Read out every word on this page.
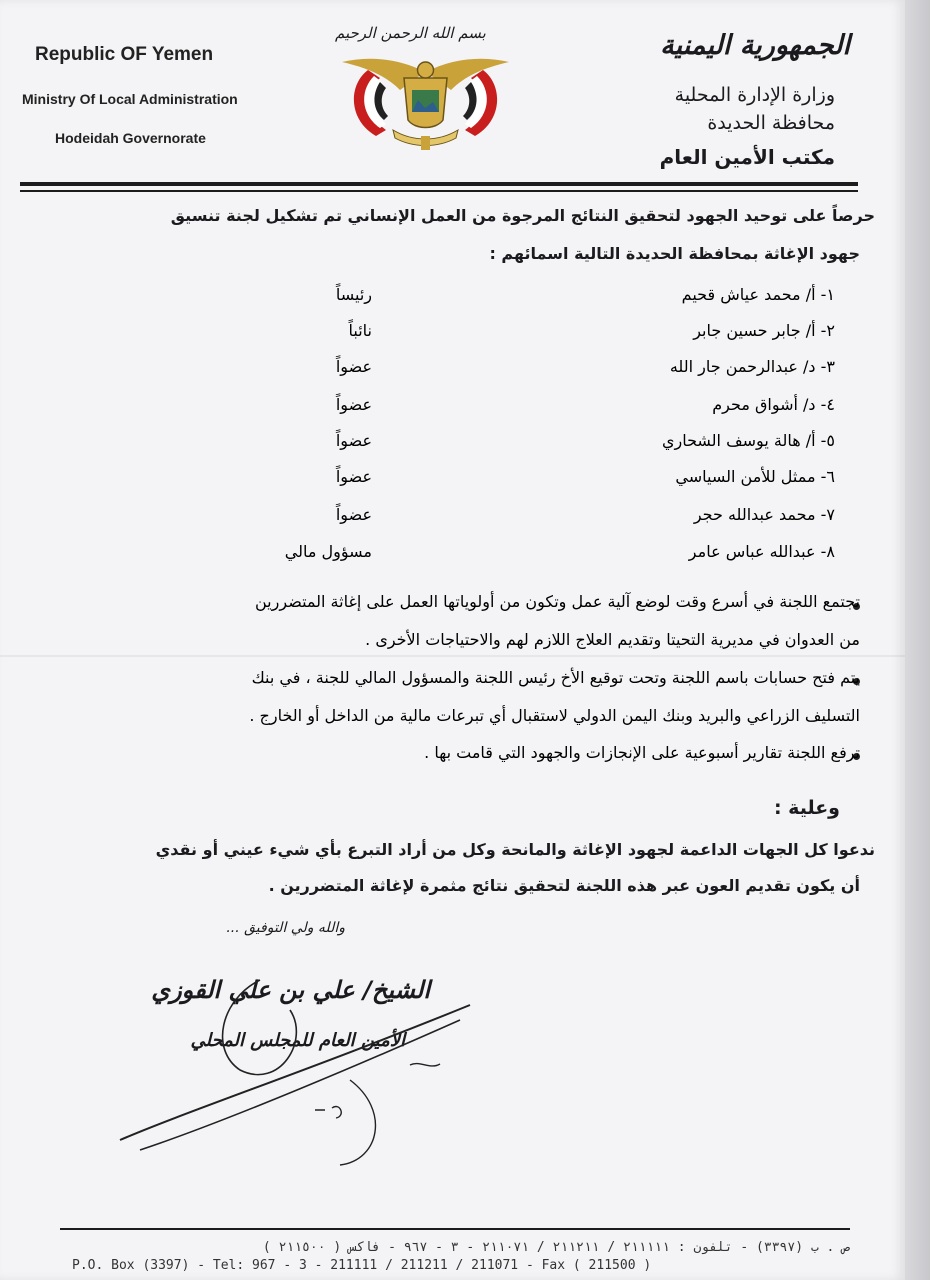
Republic OF Yemen
Ministry Of Local Administration
Hodeidah Governorate
بسم الله الرحمن الرحيم	الجمهورية اليمنية
وزارة الإدارة المحلية
محافظة الحديدة
مكتب الأمين العام
حرصاً على توحيد الجهود لتحقيق النتائج المرجوة من العمل الإنساني تم تشكيل لجنة تنسيق
جهود الإغاثة بمحافظة الحديدة التالية اسمائهم :
١- أ/ محمد عياش قحيم
رئيساً
٢- أ/ جابر حسين جابر
نائباً
٣- د/ عبدالرحمن جار الله
عضواً
٤- د/ أشواق محرم
عضواً
٥- أ/ هالة يوسف الشحاري
عضواً
٦- ممثل للأمن السياسي
عضواً
٧- محمد عبدالله حجر
عضواً
٨- عبدالله عباس عامر
مسؤول مالي
تجتمع اللجنة في أسرع وقت لوضع آلية عمل وتكون من أولوياتها العمل على إغاثة المتضررين
من العدوان في مديرية التحيتا وتقديم العلاج اللازم لهم والاحتياجات الأخرى .
يتم فتح حسابات باسم اللجنة وتحت توقيع الأخ رئيس اللجنة والمسؤول المالي للجنة ، في بنك
التسليف الزراعي والبريد وبنك اليمن الدولي لاستقبال أي تبرعات مالية من الداخل أو الخارج .
ترفع اللجنة تقارير أسبوعية على الإنجازات والجهود التي قامت بها .
وعلية :
ندعوا كل الجهات الداعمة لجهود الإغاثة والمانحة وكل من أراد التبرع بأي شيء عيني أو نقدي
أن يكون تقديم العون عبر هذه اللجنة لتحقيق نتائج مثمرة لإغاثة المتضررين .
والله ولي التوفيق ...
الشيخ/ علي بن علي القوزي
الأمين العام للمجلس المحلي
ص . ب (٣٣٩٧) - تلفون : ٢١١١١١ / ٢١١٢١١ / ٢١١٠٧١ - ٣ - ٩٦٧ - فاكس ( ٢١١٥٠٠ )
P.O. Box (3397) - Tel: 967 - 3 - 211111 / 211211 / 211071 - Fax ( 211500 )
